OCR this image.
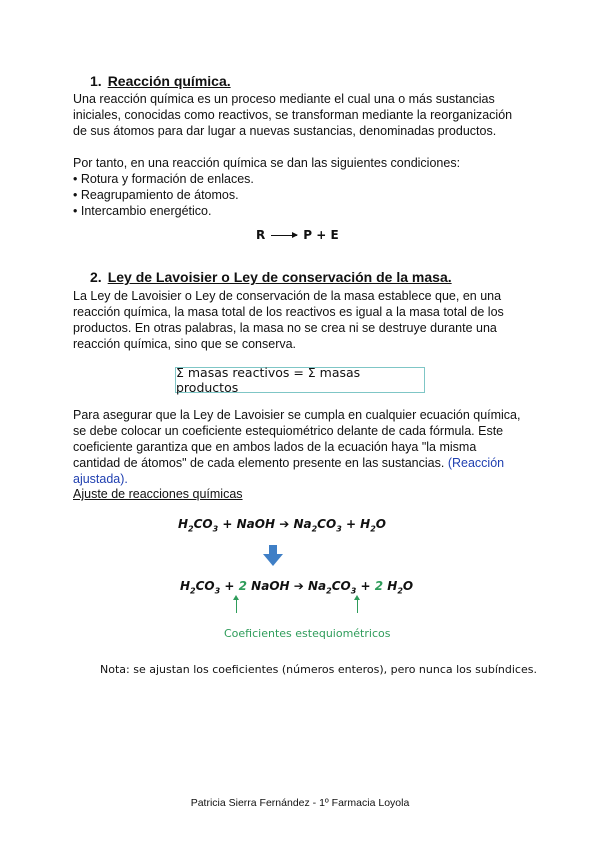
1. Reacción química.

Una reacción química es un proceso mediante el cual una o más sustancias iniciales, conocidas como reactivos, se transforman mediante la reorganización de sus átomos para dar lugar a nuevas sustancias, denominadas productos.

Por tanto, en una reacción química se dan las siguientes condiciones:

• Rotura y formación de enlaces.
• Reagrupamiento de átomos.
• Intercambio energético.
R	P + E
2. Ley de Lavoisier o Ley de conservación de la masa.

La Ley de Lavoisier o Ley de conservación de la masa establece que, en una reacción química, la masa total de los reactivos es igual a la masa total de los productos. En otras palabras, la masa no se crea ni se destruye durante una reacción química, sino que se conserva.

Σ masas reactivos = Σ masas productos

Para asegurar que la Ley de Lavoisier se cumpla en cualquier ecuación química, se debe colocar un coeficiente estequiométrico delante de cada fórmula. Este coeficiente garantiza que en ambos lados de la ecuación haya "la misma cantidad de átomos" de cada elemento presente en las sustancias. (Reacción ajustada).

Ajuste de reacciones químicas
$H_2CO_3$ + NaOH ➔ $Na_2CO_3 + H_2O$
$H_2CO_3 + 2$ NaOH ➔ $Na_2CO_3 + 2$ $H_2O$
Coeficientes estequiométricos
Nota: se ajustan los coeficientes (números enteros), pero nunca los subíndices.
Patricia Sierra Fernández - 1º Farmacia Loyola
